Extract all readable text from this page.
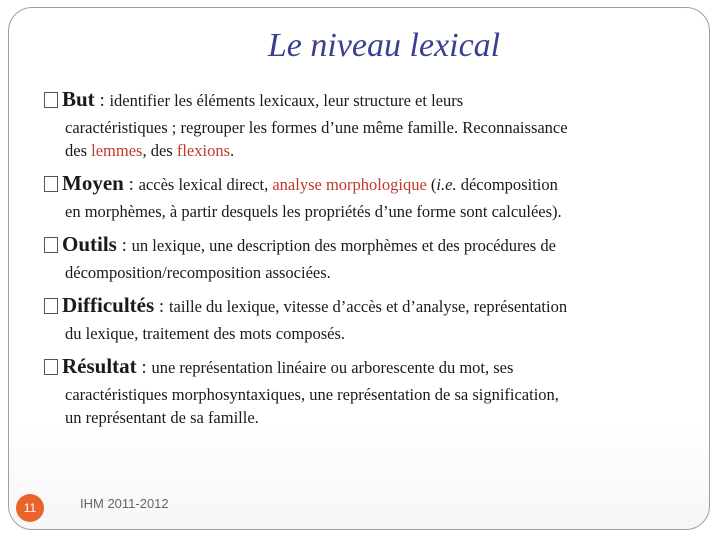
Le niveau lexical
But : identifier les éléments lexicaux, leur structure et leurs
caractéristiques ; regrouper les formes d’une même famille. Reconnaissance
des lemmes, des flexions.
Moyen : accès lexical direct, analyse morphologique (i.e. décomposition
en morphèmes, à partir desquels les propriétés d’une forme sont calculées).
Outils : un lexique, une description des morphèmes et des procédures de
décomposition/recomposition associées.
Difficultés : taille du lexique, vitesse d’accès et d’analyse, représentation
du lexique, traitement des mots composés.
Résultat : une représentation linéaire ou arborescente du mot, ses
caractéristiques morphosyntaxiques, une représentation de sa signification,
un représentant de sa famille.
11	IHM 2011-2012
